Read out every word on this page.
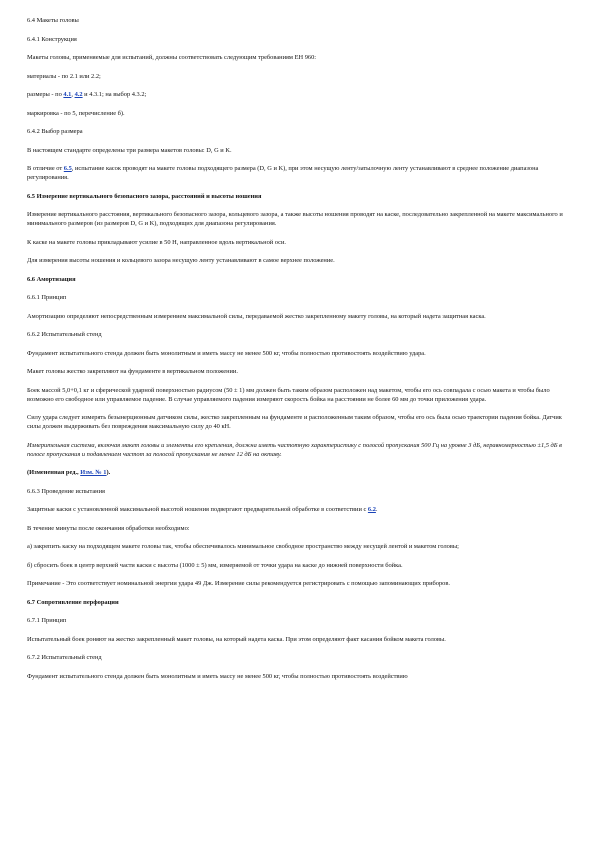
6.4 Макеты головы

6.4.1 Конструкция

Макеты головы, применяемые для испытаний, должны соответствовать следующим требованиям ЕН 960:

материалы - по 2.1 или 2.2;

размеры - по 4.1, 4.2 и 4.3.1; на выбор 4.3.2;

маркировка - по 5, перечисление б).

6.4.2 Выбор размера

В настоящем стандарте определены три размера макетов головы: D, G и K.

В отличие от 6.5, испытание касок проводят на макете головы подходящего размера (D, G и K), при этом несущую ленту/затылочную ленту устанавливают в среднее положение диапазона регулирования.

6.5 Измерение вертикального безопасного зазора, расстояний и высоты ношения

Измерение вертикального расстояния, вертикального безопасного зазора, кольцевого зазора, а также высоты ношения проводят на каске, последовательно закрепленной на макете максимального и минимального размеров (из размеров D, G и K), подходящих для диапазона регулирования.

К каске на макете головы прикладывают усилие в 50 Н, направленное вдоль вертикальной оси.

Для измерения высоты ношения и кольцевого зазора несущую ленту устанавливают в самое верхнее положение.

6.6 Амортизация

6.6.1 Принцип

Амортизацию определяют непосредственным измерением максимальной силы, передаваемой жестко закрепленному макету головы, на который надета защитная каска.

6.6.2 Испытательный стенд

Фундамент испытательного стенда должен быть монолитным и иметь массу не менее 500 кг, чтобы полностью противостоять воздействию удара.

Макет головы жестко закрепляют на фундаменте в вертикальном положении.

Боек массой 5,0+0,1 кг и сферической ударной поверхностью радиусом (50 ± 1) мм должен быть таким образом расположен над макетом, чтобы его ось совпадала с осью макета и чтобы было возможно его свободное или управляемое падение. В случае управляемого падения измеряют скорость бойка на расстоянии не более 60 мм до точки приложения удара.

Силу удара следует измерять безынерционным датчиком силы, жестко закрепленным на фундаменте и расположенным таким образом, чтобы его ось была осью траектории падения бойка. Датчик силы должен выдерживать без повреждения максимальную силу до 40 кН.

Измерительная система, включая макет головы и элементы его крепления, должна иметь частотную характеристику с полосой пропускания 500 Гц на уровне 3 дБ, неравномерностью ±1,5 дБ в полосе пропускания и подавлением частот за полосой пропускания не менее 12 дБ на октаву.

(Измененная ред., Изм. № 1).

6.6.3 Проведение испытания

Защитные каски с установленной максимальной высотой ношения подвергают предварительной обработке в соответствии с 6.2.

В течение минуты после окончания обработки необходимо:

а) закрепить каску на подходящем макете головы так, чтобы обеспечивалось минимальное свободное пространство между несущей лентой и макетом головы;

б) сбросить боек в центр верхней части каски с высоты (1000 ± 5) мм, измеряемой от точки удара на каске до нижней поверхности бойка.

Примечание - Это соответствует номинальной энергии удара 49 Дж. Измерение силы рекомендуется регистрировать с помощью запоминающих приборов.

6.7 Сопротивление перфорации

6.7.1 Принцип

Испытательный боек роняют на жестко закрепленный макет головы, на который надета каска. При этом определяют факт касания бойком макета головы.

6.7.2 Испытательный стенд

Фундамент испытательного стенда должен быть монолитным и иметь массу не менее 500 кг, чтобы полностью противостоять воздействию
